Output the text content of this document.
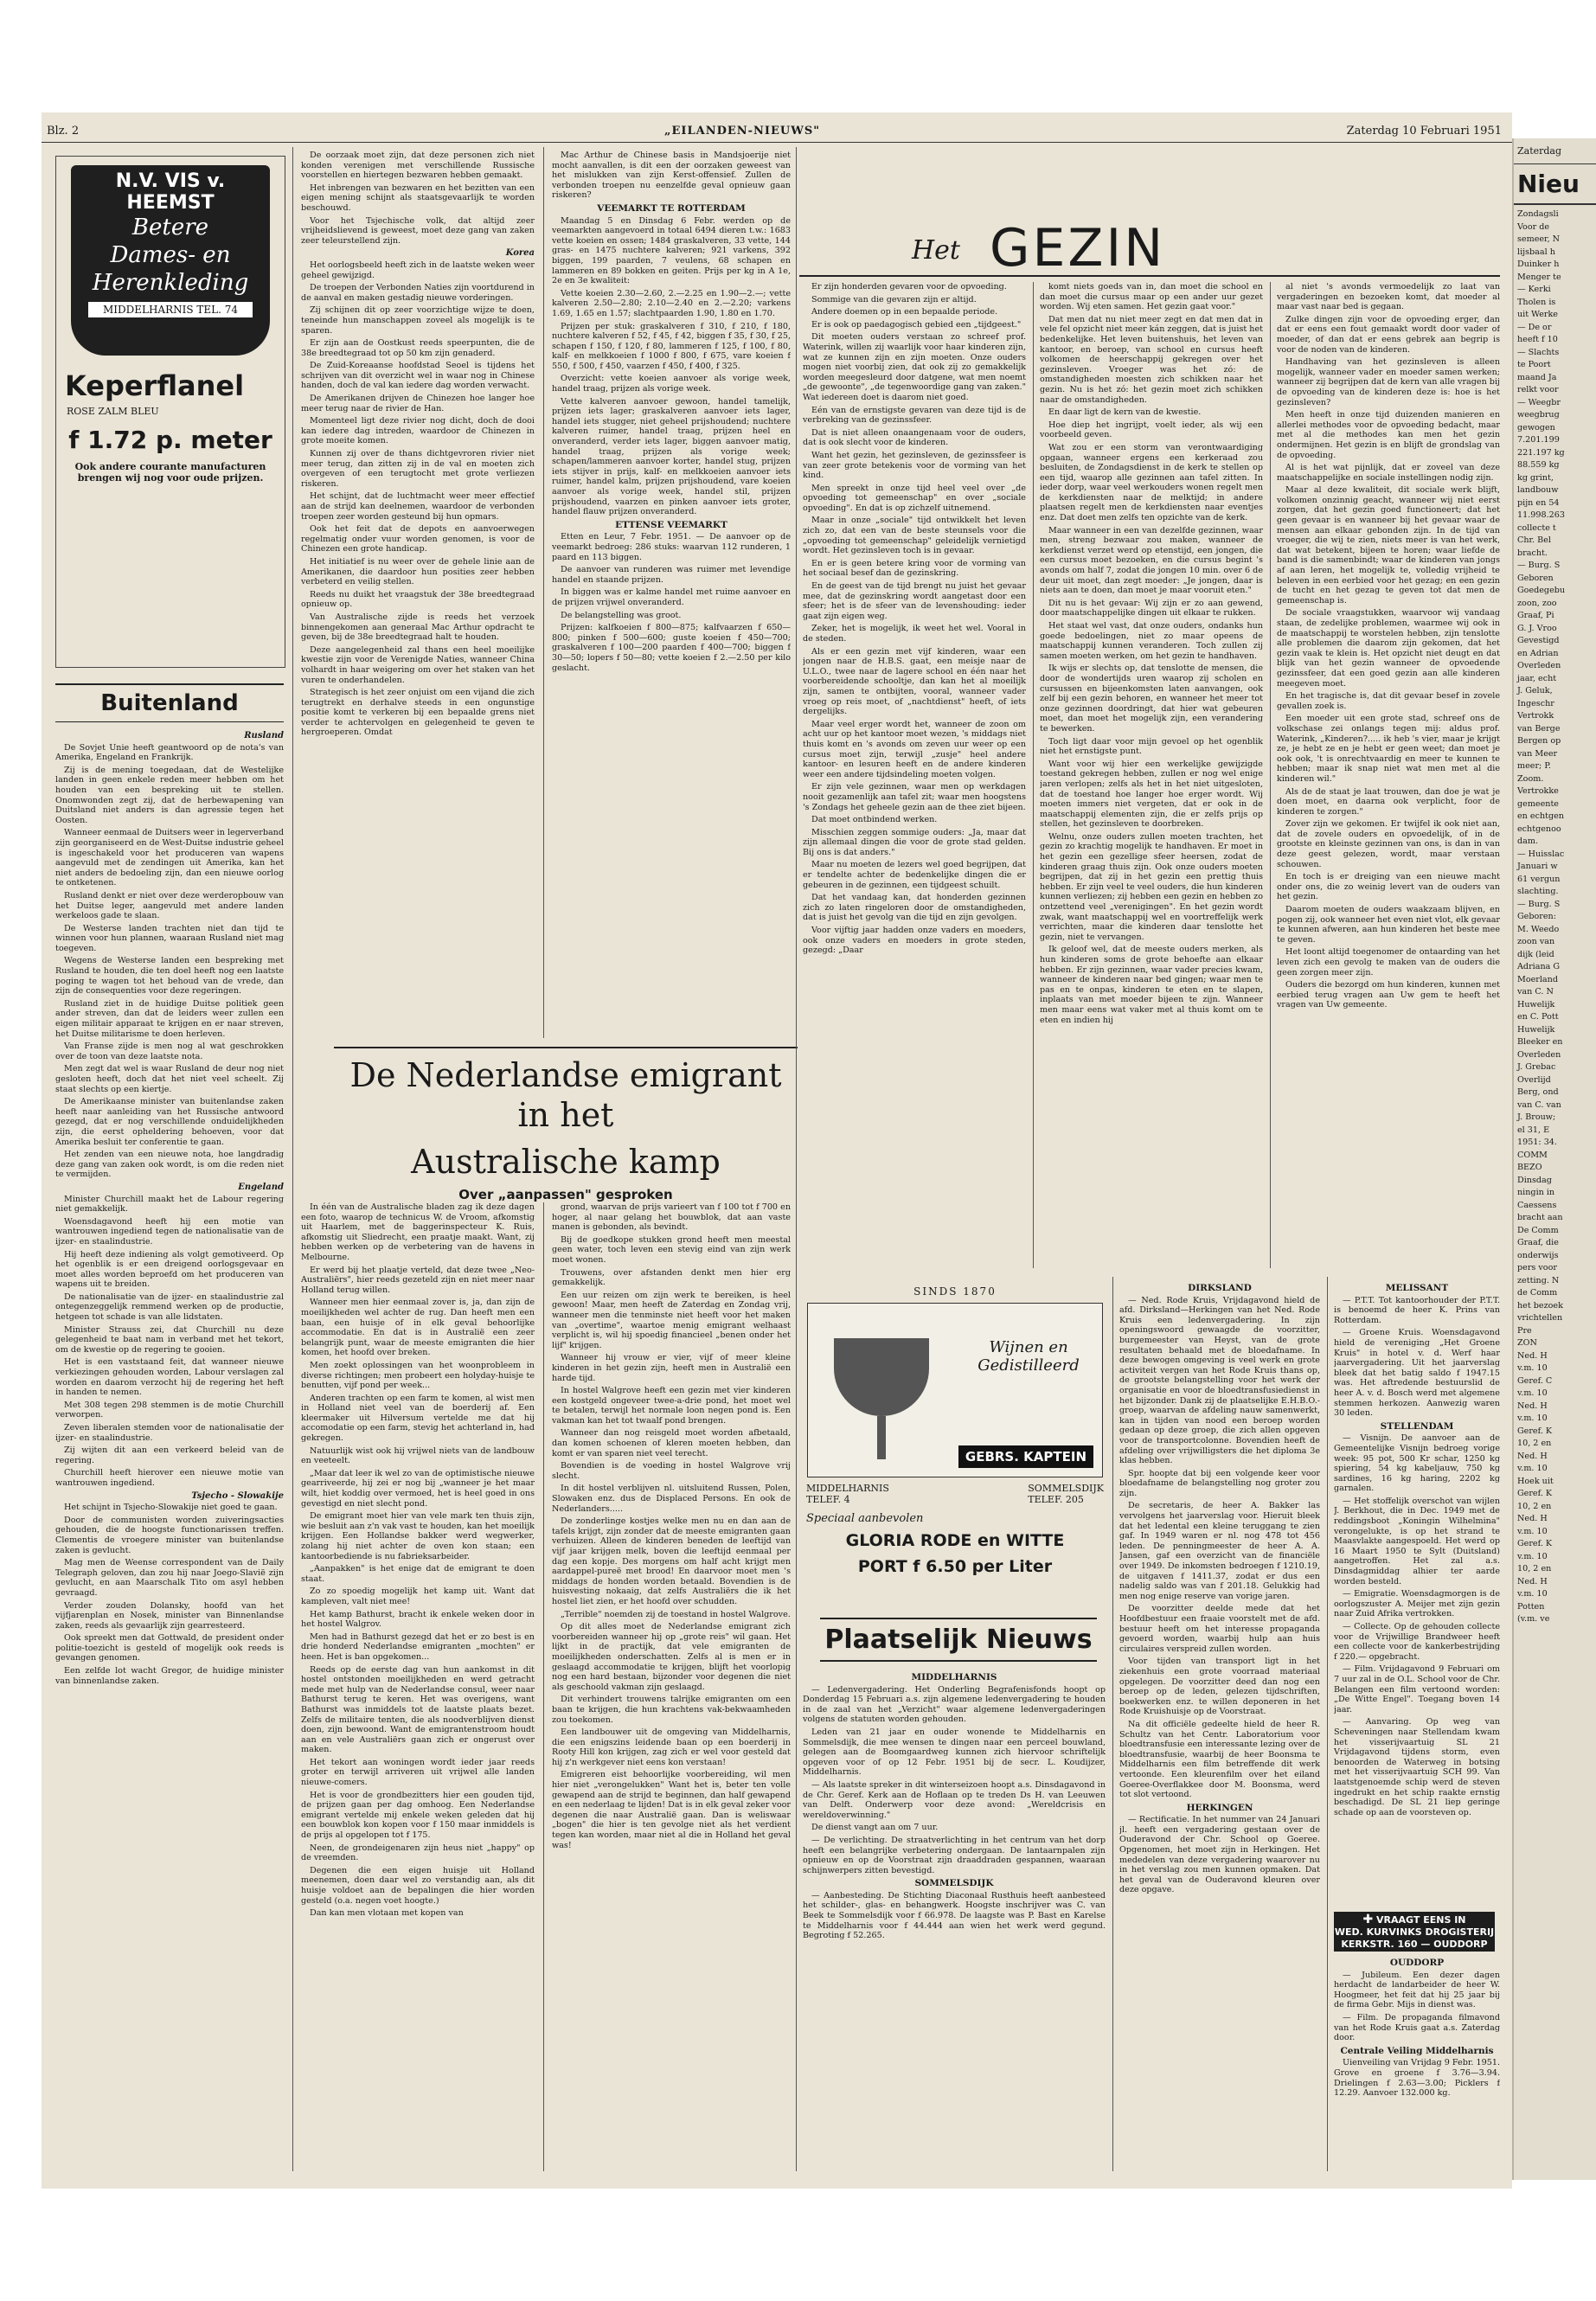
Blz. 2	„EILANDEN-NIEUWS"	Zaterdag 10 Februari 1951
N.V. VIS v. HEEMST
Betere
Dames- en
Herenkleding
MIDDELHARNIS TEL. 74
Keperflanel
ROSE ZALM BLEU
f 1.72 p. meter
Ook andere courante manufacturen brengen wij nog voor oude prijzen.
Buitenland
Rusland

De Sovjet Unie heeft geantwoord op de nota's van Amerika, Engeland en Frankrijk.

Zij is de mening toegedaan, dat de Westelijke landen in geen enkele reden meer hebben om het houden van een bespreking uit te stellen. Onomwonden zegt zij, dat de herbewapening van Duitsland niet anders is dan agressie tegen het Oosten.

Wanneer eenmaal de Duitsers weer in legerverband zijn georganiseerd en de West-Duitse industrie geheel is ingeschakeld voor het produceren van wapens aangevuld met de zendingen uit Amerika, kan het niet anders de bedoeling zijn, dan een nieuwe oorlog te ontketenen.

Rusland denkt er niet over deze werderopbouw van het Duitse leger, aangevuld met andere landen werkeloos gade te slaan.

De Westerse landen trachten niet dan tijd te winnen voor hun plannen, waaraan Rusland niet mag toegeven.

Wegens de Westerse landen een bespreking met Rusland te houden, die ten doel heeft nog een laatste poging te wagen tot het behoud van de vrede, dan zijn de consequenties voor deze regeringen.

Rusland ziet in de huidige Duitse politiek geen ander streven, dan dat de leiders weer zullen een eigen militair apparaat te krijgen en er naar streven, het Duitse militarisme te doen herleven.

Van Franse zijde is men nog al wat geschrokken over de toon van deze laatste nota.

Men zegt dat wel is waar Rusland de deur nog niet gesloten heeft, doch dat het niet veel scheelt. Zij staat slechts op een kiertje.

De Amerikaanse minister van buitenlandse zaken heeft naar aanleiding van het Russische antwoord gezegd, dat er nog verschillende onduidelijkheden zijn, die eerst opheldering behoeven, voor dat Amerika besluit ter conferentie te gaan.

Het zenden van een nieuwe nota, hoe langdradig deze gang van zaken ook wordt, is om die reden niet te vermijden.

Engeland

Minister Churchill maakt het de Labour regering niet gemakkelijk.

Woensdagavond heeft hij een motie van wantrouwen ingediend tegen de nationalisatie van de ijzer- en staalindustrie.

Hij heeft deze indiening als volgt gemotiveerd. Op het ogenblik is er een dreigend oorlogsgevaar en moet alles worden beproefd om het produceren van wapens uit te breiden.

De nationalisatie van de ijzer- en staalindustrie zal ontegenzeggelijk remmend werken op de productie, hetgeen tot schade is van alle lidstaten.

Minister Strauss zei, dat Churchill nu deze gelegenheid te baat nam in verband met het tekort, om de kwestie op de regering te gooien.

Het is een vaststaand feit, dat wanneer nieuwe verkiezingen gehouden worden, Labour verslagen zal worden en daarom verzocht hij de regering het heft in handen te nemen.

Met 308 tegen 298 stemmen is de motie Churchill verworpen.

Zeven liberalen stemden voor de nationalisatie der ijzer- en staalindustrie.

Zij wijten dit aan een verkeerd beleid van de regering.

Churchill heeft hierover een nieuwe motie van wantrouwen ingediend.

Tsjecho - Slowakije

Het schijnt in Tsjecho-Slowakije niet goed te gaan.

Door de communisten worden zuiveringsacties gehouden, die de hoogste functionarissen treffen. Clementis de vroegere minister van buitenlandse zaken is gevlucht.

Mag men de Weense correspondent van de Daily Telegraph geloven, dan zou hij naar Joego-Slavië zijn gevlucht, en aan Maarschalk Tito om asyl hebben gevraagd.

Verder zouden Dolansky, hoofd van het vijfjarenplan en Nosek, minister van Binnenlandse zaken, reeds als gevaarlijk zijn gearresteerd.

Ook spreekt men dat Gottwald, de president onder politie-toezicht is gesteld of mogelijk ook reeds is gevangen genomen.

Een zelfde lot wacht Gregor, de huidige minister van binnenlandse zaken.

De oorzaak moet zijn, dat deze personen zich niet konden verenigen met verschillende Russische voorstellen en hiertegen bezwaren hebben gemaakt.

Het inbrengen van bezwaren en het bezitten van een eigen mening schijnt als staatsgevaarlijk te worden beschouwd.

Voor het Tsjechische volk, dat altijd zeer vrijheidslievend is geweest, moet deze gang van zaken zeer teleurstellend zijn.

Korea

Het oorlogsbeeld heeft zich in de laatste weken weer geheel gewijzigd.

De troepen der Verbonden Naties zijn voortdurend in de aanval en maken gestadig nieuwe vorderingen.

Zij schijnen dit op zeer voorzichtige wijze te doen, teneinde hun manschappen zoveel als mogelijk is te sparen.

Er zijn aan de Oostkust reeds speerpunten, die de 38e breedtegraad tot op 50 km zijn genaderd.

De Zuid-Koreaanse hoofdstad Seoel is tijdens het schrijven van dit overzicht wel in waar nog in Chinese handen, doch de val kan iedere dag worden verwacht.

De Amerikanen drijven de Chinezen hoe langer hoe meer terug naar de rivier de Han.

Momenteel ligt deze rivier nog dicht, doch de dooi kan iedere dag intreden, waardoor de Chinezen in grote moeite komen.

Kunnen zij over de thans dichtgevroren rivier niet meer terug, dan zitten zij in de val en moeten zich overgeven of een terugtocht met grote verliezen riskeren.

Het schijnt, dat de luchtmacht weer meer effectief aan de strijd kan deelnemen, waardoor de verbonden troepen zeer worden gesteund bij hun opmars.

Ook het feit dat de depots en aanvoerwegen regelmatig onder vuur worden genomen, is voor de Chinezen een grote handicap.

Het initiatief is nu weer over de gehele linie aan de Amerikanen, die daardoor hun posities zeer hebben verbeterd en veilig stellen.

Reeds nu duikt het vraagstuk der 38e breedtegraad opnieuw op.

Van Australische zijde is reeds het verzoek binnengekomen aan generaal Mac Arthur opdracht te geven, bij de 38e breedtegraad halt te houden.

Deze aangelegenheid zal thans een heel moeilijke kwestie zijn voor de Verenigde Naties, wanneer China volhardt in haar weigering om over het staken van het vuren te onderhandelen.

Strategisch is het zeer onjuist om een vijand die zich terugtrekt en derhalve steeds in een ongunstige positie komt te verkeren bij een bepaalde grens niet verder te achtervolgen en gelegenheid te geven te hergroeperen. Omdat

Mac Arthur de Chinese basis in Mandsjoerije niet mocht aanvallen, is dit een der oorzaken geweest van het mislukken van zijn Kerst-offensief. Zullen de verbonden troepen nu eenzelfde geval opnieuw gaan riskeren?

VEEMARKT TE ROTTERDAM

Maandag 5 en Dinsdag 6 Febr. werden op de veemarkten aangevoerd in totaal 6494 dieren t.w.: 1683 vette koeien en ossen; 1484 graskalveren, 33 vette, 144 gras- en 1475 nuchtere kalveren; 921 varkens, 392 biggen, 199 paarden, 7 veulens, 68 schapen en lammeren en 89 bokken en geiten. Prijs per kg in A 1e, 2e en 3e kwaliteit:

Vette koeien 2.30—2.60, 2.—2.25 en 1.90—2.—; vette kalveren 2.50—2.80; 2.10—2.40 en 2.—2.20; varkens 1.69, 1.65 en 1.57; slachtpaarden 1.90, 1.80 en 1.70.

Prijzen per stuk: graskalveren f 310, f 210, f 180, nuchtere kalveren f 52, f 45, f 42, biggen f 35, f 30, f 25, schapen f 150, f 120, f 80, lammeren f 125, f 100, f 80, kalf- en melkkoeien f 1000 f 800, f 675, vare koeien f 550, f 500, f 450, vaarzen f 450, f 400, f 325.

Overzicht: vette koeien aanvoer als vorige week, handel traag, prijzen als vorige week.

Vette kalveren aanvoer gewoon, handel tamelijk, prijzen iets lager; graskalveren aanvoer iets lager, handel iets stugger, niet geheel prijshoudend; nuchtere kalveren ruimer, handel traag, prijzen heel en onveranderd, verder iets lager, biggen aanvoer matig, handel traag, prijzen als vorige week; schapen/lammeren aanvoer korter, handel stug, prijzen iets stijver in prijs, kalf- en melkkoeien aanvoer iets ruimer, handel kalm, prijzen prijshoudend, vare koeien aanvoer als vorige week, handel stil, prijzen prijshoudend, vaarzen en pinken aanvoer iets groter, handel flauw prijzen onveranderd.

ETTENSE VEEMARKT

Etten en Leur, 7 Febr. 1951. — De aanvoer op de veemarkt bedroeg: 286 stuks: waarvan 112 runderen, 1 paard en 113 biggen.

De aanvoer van runderen was ruimer met levendige handel en staande prijzen.

In biggen was er kalme handel met ruime aanvoer en de prijzen vrijwel onveranderd.

De belangstelling was groot.

Prijzen: kalfkoeien f 800—875; kalfvaarzen f 650—800; pinken f 500—600; guste koeien f 450—700; graskalveren f 100—200 paarden f 400—700; biggen f 30—50; lopers f 50—80; vette koeien f 2.—2.50 per kilo geslacht.

De Nederlandse emigrant in het
Australische kamp
Over „aanpassen" gesproken

In één van de Australische bladen zag ik deze dagen een foto, waarop de technicus W. de Vroom, afkomstig uit Haarlem, met de baggerinspecteur K. Ruis, afkomstig uit Sliedrecht, een praatje maakt. Want, zij hebben werken op de verbetering van de havens in Melbourne.

Er werd bij het plaatje verteld, dat deze twee „Neo-Australiërs", hier reeds gezeteld zijn en niet meer naar Holland terug willen.

Wanneer men hier eenmaal zover is, ja, dan zijn de moeilijkheden wel achter de rug. Dan heeft men een baan, een huisje of in elk geval behoorlijke accommodatie. En dat is in Australië een zeer belangrijk punt, waar de meeste emigranten die hier komen, het hoofd over breken.

Men zoekt oplossingen van het woonprobleem in diverse richtingen; men probeert een holyday-huisje te benutten, vijf pond per week...

Anderen trachten op een farm te komen, al wist men in Holland niet veel van de boerderij af. Een kleermaker uit Hilversum vertelde me dat hij accomodatie op een farm, stevig het achterland in, had gekregen.

Natuurlijk wist ook hij vrijwel niets van de landbouw en veeteelt.

„Maar dat leer ik wel zo van de optimistische nieuwe gearriveerde, hij zei er nog bij „wanneer je het maar wilt, hiet koddig over vermoed, het is heel goed in ons gevestigd en niet slecht pond.

De emigrant moet hier van vele mark ten thuis zijn, wie besluit aan z'n vak vast te houden, kan het moeilijk krijgen. Een Hollandse bakker werd wegwerker, zolang hij niet achter de oven kon staan; een kantoorbediende is nu fabrieksarbeider.

„Aanpakken" is het enige dat de emigrant te doen staat.

Zo zo spoedig mogelijk het kamp uit. Want dat kampleven, valt niet mee!

Het kamp Bathurst, bracht ik enkele weken door in het hostel Walgrov.

Men had in Bathurst gezegd dat het er zo best is en drie honderd Nederlandse emigranten „mochten" er heen. Het is ban opgekomen...

Reeds op de eerste dag van hun aankomst in dit hostel ontstonden moeilijkheden en werd getracht mede met hulp van de Nederlandse consul, weer naar Bathurst terug te keren. Het was overigens, want Bathurst was inmiddels tot de laatste plaats bezet. Zelfs de militaire tenten, die als noodverblijven dienst doen, zijn bewoond. Want de emigrantenstroom houdt aan en vele Australiërs gaan zich er ongerust over maken.

Het tekort aan woningen wordt ieder jaar reeds groter en terwijl arriveren uit vrijwel alle landen nieuwe-comers.

Het is voor de grondbezitters hier een gouden tijd, de prijzen gaan per dag omhoog. Een Nederlandse emigrant vertelde mij enkele weken geleden dat hij een bouwblok kon kopen voor f 150 maar inmiddels is de prijs al opgelopen tot f 175.

Neen, de grondeigenaren zijn heus niet „happy" op de vreemden.

Degenen die een eigen huisje uit Holland meenemen, doen daar wel zo verstandig aan, als dit huisje voldoet aan de bepalingen die hier worden gesteld (o.a. negen voet hoogte.)

Dan kan men vlotaan met kopen van

grond, waarvan de prijs varieert van f 100 tot f 700 en hoger, al naar gelang het bouwblok, dat aan vaste manen is gebonden, als bevindt.

Bij de goedkope stukken grond heeft men meestal geen water, toch leven een stevig eind van zijn werk moet wonen.

Trouwens, over afstanden denkt men hier erg gemakkelijk.

Een uur reizen om zijn werk te bereiken, is heel gewoon! Maar, men heeft de Zaterdag en Zondag vrij, wanneer men die tenminste niet heeft voor het maken van „overtime", waartoe menig emigrant welhaast verplicht is, wil hij spoedig financieel „benen onder het lijf" krijgen.

Wanneer hij vrouw er vier, vijf of meer kleine kinderen in het gezin zijn, heeft men in Australië een harde tijd.

In hostel Walgrove heeft een gezin met vier kinderen een kostgeld ongeveer twee-a-drie pond, het moet wel te betalen, terwijl het normale loon negen pond is. Een vakman kan het tot twaalf pond brengen.

Wanneer dan nog reisgeld moet worden afbetaald, dan komen schoenen of kleren moeten hebben, dan komt er van sparen niet veel terecht.

Bovendien is de voeding in hostel Walgrove vrij slecht.

In dit hostel verblijven nl. uitsluitend Russen, Polen, Slowaken enz. dus de Displaced Persons. En ook de Nederlanders.....

De zonderlinge kostjes welke men nu en dan aan de tafels krijgt, zijn zonder dat de meeste emigranten gaan verhuizen. Alleen de kinderen beneden de leeftijd van vijf jaar krijgen melk, boven die leeftijd eenmaal per dag een kopje. Des morgens om half acht krijgt men aardappel-pureë met brood! En daarvoor moet men 's middags de honden worden betaald. Bovendien is de huisvesting nokaaig, dat zelfs Australiërs die ik het hostel liet zien, er het hoofd over schudden.

„Terrible" noemden zij de toestand in hostel Walgrove.

Op dit alles moet de Nederlandse emigrant zich voorbereiden wanneer hij op „grote reis" wil gaan. Het lijkt in de practijk, dat vele emigranten de moeilijkheden onderschatten. Zelfs al is men er in geslaagd accommodatie te krijgen, blijft het voorlopig nog een hard bestaan, bijzonder voor degenen die niet als geschoold vakman zijn geslaagd.

Dit verhindert trouwens talrijke emigranten om een baan te krijgen, die hun krachtens vak-bekwaamheden zou toekomen.

Een landbouwer uit de omgeving van Middelharnis, die een enigszins leidende baan op een boerderij in Rooty Hill kon krijgen, zag zich er wel voor gesteld dat hij z'n werkgever niet eens kon verstaan!

Emigreren eist behoorlijke voorbereiding, wil men hier niet „verongelukken" Want het is, beter ten volle gewapend aan de strijd te beginnen, dan half gewapend en een nederlaag te lijden! Dat is in elk geval zeker voor degenen die naar Australië gaan. Dan is weliswaar „bogen" die hier is ten gevolge niet als het verdient tegen kan worden, maar niet al die in Holland het geval was!

Het GEZIN

Er zijn honderden gevaren voor de opvoeding.

Sommige van die gevaren zijn er altijd.

Andere doemen op in een bepaalde periode.

Er is ook op paedagogisch gebied een „tijdgeest."

Dit moeten ouders verstaan zo schreef prof. Waterink, willen zij waarlijk voor haar kinderen zijn, wat ze kunnen zijn en zijn moeten. Onze ouders mogen niet voorbij zien, dat ook zij zo gemakkelijk worden meegesleurd door datgene, wat men noemt „de gewoonte", „de tegenwoordige gang van zaken." Wat iedereen doet is daarom niet goed.

Eén van de ernstigste gevaren van deze tijd is de verbreking van de gezinssfeer.

Dat is niet alleen onaangenaam voor de ouders, dat is ook slecht voor de kinderen.

Want het gezin, het gezinsleven, de gezinssfeer is van zeer grote betekenis voor de vorming van het kind.

Men spreekt in onze tijd heel veel over „de opvoeding tot gemeenschap" en over „sociale opvoeding". En dat is op zichzelf uitnemend.

Maar in onze „sociale" tijd ontwikkelt het leven zich zo, dat een van de beste steunsels voor die „opvoeding tot gemeenschap" geleidelijk vernietigd wordt. Het gezinsleven toch is in gevaar.

En er is geen betere kring voor de vorming van het sociaal besef dan de gezinskring.

En de geest van de tijd brengt nu juist het gevaar mee, dat de gezinskring wordt aangetast door een sfeer; het is de sfeer van de levenshouding: ieder gaat zijn eigen weg.

Zeker, het is mogelijk, ik weet het wel. Vooral in de steden.

Als er een gezin met vijf kinderen, waar een jongen naar de H.B.S. gaat, een meisje naar de U.L.O., twee naar de lagere school en één naar het voorbereidende schooltje, dan kan het al moeilijk zijn, samen te ontbijten, vooral, wanneer vader vroeg op reis moet, of „nachtdienst" heeft, of iets dergelijks.

Maar veel erger wordt het, wanneer de zoon om acht uur op het kantoor moet wezen, 's middags niet thuis komt en 's avonds om zeven uur weer op een cursus moet zijn, terwijl „zusje" heel andere kantoor- en lesuren heeft en de andere kinderen weer een andere tijdsindeling moeten volgen.

Er zijn vele gezinnen, waar men op werkdagen nooit gezamenlijk aan tafel zit; waar men hoogstens 's Zondags het geheele gezin aan de thee ziet bijeen.

Dat moet ontbindend werken.

Misschien zeggen sommige ouders: „Ja, maar dat zijn allemaal dingen die voor de grote stad gelden. Bij ons is dat anders."

Maar nu moeten de lezers wel goed begrijpen, dat er tendelte achter de bedenkelijke dingen die er gebeuren in de gezinnen, een tijdgeest schuilt.

Dat het vandaag kan, dat honderden gezinnen zich zo laten ringeloren door de omstandigheden, dat is juist het gevolg van die tijd en zijn gevolgen.

Voor vijftig jaar hadden onze vaders en moeders, ook onze vaders en moeders in grote steden, gezegd: „Daar

komt niets goeds van in, dan moet die school en dan moet die cursus maar op een ander uur gezet worden. Wij eten samen. Het gezin gaat voor."

Dat men dat nu niet meer zegt en dat men dat in vele fel opzicht niet meer kán zeggen, dat is juist het bedenkelijke. Het leven buitenshuis, het leven van kantoor, en beroep, van school en cursus heeft volkomen de heerschappij gekregen over het gezinsleven. Vroeger was het zó: de omstandigheden moesten zich schikken naar het gezin. Nu is het zó: het gezin moet zich schikken naar de omstandigheden.

En daar ligt de kern van de kwestie.

Hoe diep het ingrijpt, voelt ieder, als wij een voorbeeld geven.

Wat zou er een storm van verontwaardiging opgaan, wanneer ergens een kerkeraad zou besluiten, de Zondagsdienst in de kerk te stellen op een tijd, waarop alle gezinnen aan tafel zitten. In ieder dorp, waar veel werkouders wonen regelt men de kerkdiensten naar de melktijd; in andere plaatsen regelt men de kerkdiensten naar eventjes enz. Dat doet men zelfs ten opzichte van de kerk.

Maar wanneer in een van dezelfde gezinnen, waar men, streng bezwaar zou maken, wanneer de kerkdienst verzet werd op etenstijd, een jongen, die een cursus moet bezoeken, en die cursus begint 's avonds om half 7, zodat die jongen 10 min. over 6 de deur uit moet, dan zegt moeder: „Je jongen, daar is niets aan te doen, dan moet je maar vooruit eten."

Dit nu is het gevaar: Wij zijn er zo aan gewend, door maatschappelijke dingen uit elkaar te rukken.

Het staat wel vast, dat onze ouders, ondanks hun goede bedoelingen, niet zo maar opeens de maatschappij kunnen veranderen. Toch zullen zij samen moeten werken, om het gezin te handhaven.

Ik wijs er slechts op, dat tenslotte de mensen, die door de wondertijds uren waarop zij scholen en cursussen en bijeenkomsten laten aanvangen, ook zelf bij een gezin behoren, en wanneer het meer tot onze gezinnen doordringt, dat hier wat gebeuren moet, dan moet het mogelijk zijn, een verandering te bewerken.

Toch ligt daar voor mijn gevoel op het ogenblik niet het ernstigste punt.

Want voor wij hier een werkelijke gewijzigde toestand gekregen hebben, zullen er nog wel enige jaren verlopen; zelfs als het in het niet uitgesloten, dat de toestand hoe langer hoe erger wordt. Wij moeten immers niet vergeten, dat er ook in de maatschappij elementen zijn, die er zelfs prijs op stellen, het gezinsleven te doorbreken.

Welnu, onze ouders zullen moeten trachten, het gezin zo krachtig mogelijk te handhaven. Er moet in het gezin een gezellige sfeer heersen, zodat de kinderen graag thuis zijn. Ook onze ouders moeten begrijpen, dat zij in het gezin een prettig thuis hebben. Er zijn veel te veel ouders, die hun kinderen kunnen verliezen; zij hebben een gezin en hebben zo ontzettend veel „verenigingen". En het gezin wordt zwak, want maatschappij wel en voortreffelijk werk verrichten, maar die kinderen daar tenslotte het gezin, niet te vervangen.

Ik geloof wel, dat de meeste ouders merken, als hun kinderen soms de grote behoefte aan elkaar hebben. Er zijn gezinnen, waar vader precies kwam, wanneer de kinderen naar bed gingen; waar men te pas en te onpas, kinderen te eten en te slapen, inplaats van met moeder bijeen te zijn. Wanneer men maar eens wat vaker met al thuis komt om te eten en indien hij

al niet 's avonds vermoedelijk zo laat van vergaderingen en bezoeken komt, dat moeder al maar vast naar bed is gegaan.

Zulke dingen zijn voor de opvoeding erger, dan dat er eens een fout gemaakt wordt door vader of moeder, of dan dat er eens gebrek aan begrip is voor de noden van de kinderen.

Handhaving van het gezinsleven is alleen mogelijk, wanneer vader en moeder samen werken; wanneer zij begrijpen dat de kern van alle vragen bij de opvoeding van de kinderen deze is: hoe is het gezinsleven?

Men heeft in onze tijd duizenden manieren en allerlei methodes voor de opvoeding bedacht, maar met al die methodes kan men het gezin ondermijnen. Het gezin is en blijft de grondslag van de opvoeding.

Al is het wat pijnlijk, dat er zoveel van deze maatschappelijke en sociale instellingen nodig zijn.

Maar al deze kwaliteit, dit sociale werk blijft, volkomen onzinnig geacht, wanneer wij niet eerst zorgen, dat het gezin goed functioneert; dat het geen gevaar is en wanneer bij het gevaar waar de mensen aan elkaar gebonden zijn. In de tijd van vroeger, die wij te zien, niets meer is van het werk, dat wat betekent, bijeen te horen; waar liefde de band is die samenbindt; waar de kinderen van jongs af aan leren, het mogelijk te, volledig vrijheid te beleven in een eerbied voor het gezag; en een gezin de tucht en het gezag te geven tot dat men de gemeenschap is.

De sociale vraagstukken, waarvoor wij vandaag staan, de zedelijke problemen, waarmee wij ook in de maatschappij te worstelen hebben, zijn tenslotte alle problemen die daarom zijn gekomen, dat het gezin vaak te klein is. Het opzicht niet deugt en dat blijk van het gezin wanneer de opvoedende gezinssfeer, dat een goed gezin aan alle kinderen meegeven moet.

En het tragische is, dat dit gevaar besef in zovele gevallen zoek is.

Een moeder uit een grote stad, schreef ons de volkschase zei onlangs tegen mij: aldus prof. Waterink, „Kinderen?..... ik heb 's vier, maar je krijgt ze, je hebt ze en je hebt er geen weet; dan moet je ook ook, 't is onrechtvaardig en meer te kunnen te hebben; maar ik snap niet wat men met al die kinderen wil."

Als de de staat je laat trouwen, dan doe je wat je doen moet, en daarna ook verplicht, foor de kinderen te zorgen."

Zover zijn we gekomen. Er twijfel ik ook niet aan, dat de zovele ouders en opvoedelijk, of in de grootste en kleinste gezinnen van ons, is dan in van deze geest gelezen, wordt, maar verstaan schouwen.

En toch is er dreiging van een nieuwe macht onder ons, die zo weinig levert van de ouders van het gezin.

Daarom moeten de ouders waakzaam blijven, en pogen zij, ook wanneer het even niet vlot, elk gevaar te kunnen afweren, aan hun kinderen het beste mee te geven.

Het loont altijd toegenomer de ontaarding van het leven zich een gevolg te maken van de ouders die geen zorgen meer zijn.

Ouders die bezorgd om hun kinderen, kunnen met eerbied terug vragen aan Uw gem te heeft het vragen van Uw gemeente.

SINDS 1870
Wijnen en
Gedistilleerd
GEBRS. KAPTEIN
MIDDELHARNIS
TELEF. 4
SOMMELSDIJK
TELEF. 205
Speciaal aanbevolen
GLORIA RODE en WITTE
PORT f 6.50 per Liter
Plaatselijk Nieuws
MIDDELHARNIS

— Ledenvergadering. Het Onderling Begrafenisfonds hoopt op Donderdag 15 Februari a.s. zijn algemene ledenvergadering te houden in de zaal van het „Verzicht" waar algemene ledenvergaderingen volgens de statuten worden gehouden.

Leden van 21 jaar en ouder wonende te Middelharnis en Sommelsdijk, die mee wensen te dingen naar een perceel bouwland, gelegen aan de Boomgaardweg kunnen zich hiervoor schriftelijk opgeven voor of op 12 Febr. 1951 bij de secr. L. Koudijzer, Middelharnis.

— Als laatste spreker in dit winterseizoen hoopt a.s. Dinsdagavond in de Chr. Geref. Kerk aan de Hoflaan op te treden Ds H. van Leeuwen van Delft. Onderwerp voor deze avond: „Wereldcrisis en wereldoverwinning."

De dienst vangt aan om 7 uur.

— De verlichting. De straatverlichting in het centrum van het dorp heeft een belangrijke verbetering ondergaan. De lantaarnpalen zijn opnieuw en op de Voorstraat zijn draaddraden gespannen, waaraan schijnwerpers zitten bevestigd.

SOMMELSDIJK

— Aanbesteding. De Stichting Diaconaal Rusthuis heeft aanbesteed het schilder-, glas- en behangwerk. Hoogste inschrijver was C. van Beek te Sommelsdijk voor f 66.978. De laagste was P. Bast en Karelse te Middelharnis voor f 44.444 aan wien het werk werd gegund. Begroting f 52.265.

DIRKSLAND

— Ned. Rode Kruis, Vrijdagavond hield de afd. Dirksland—Herkingen van het Ned. Rode Kruis een ledenvergadering. In zijn openingswoord gewaagde de voorzitter, burgemeester van Heyst, van de grote resultaten behaald met de bloedafname. In deze bewogen omgeving is veel werk en grote activiteit vergen van het Rode Kruis thans op, de grootste belangstelling voor het werk der organisatie en voor de bloedtransfusiedienst in het bijzonder. Dank zij de plaatselijke E.H.B.O.-groep, waarvan de afdeling nauw samenwerkt, kan in tijden van nood een beroep worden gedaan op deze groep, die zich allen opgeven voor de transportcolonne. Bovendien heeft de afdeling over vrijwilligsters die het diploma 3e klas hebben.

Spr. hoopte dat bij een volgende keer voor bloedafname de belangstelling nog groter zou zijn.

De secretaris, de heer A. Bakker las vervolgens het jaarverslag voor. Hieruit bleek dat het ledental een kleine teruggang te zien gaf. In 1949 waren er nl. nog 478 tot 456 leden. De penningmeester de heer A. A. Jansen, gaf een overzicht van de financiële over 1949. De inkomsten bedroegen f 1210.19, de uitgaven f 1411.37, zodat er dus een nadelig saldo was van f 201.18. Gelukkig had men nog enige reserve van vorige jaren.

De voorzitter deelde mede dat het Hoofdbestuur een fraaie voorstelt met de afd. bestuur heeft om het interesse propaganda gevoerd worden, waarbij hulp aan huis circulaires verspreid zullen worden.

Voor tijden van transport ligt in het ziekenhuis een grote voorraad materiaal opgelegen. De voorzitter deed dan nog een beroep op de leden, gelezen tijdschriften, boekwerken enz. te willen deponeren in het Rode Kruishuisje op de Voorstraat.

Na dit officiële gedeelte hield de heer R. Schultz van het Centr. Laboratorium voor bloedtransfusie een interessante lezing over de bloedtransfusie, waarbij de heer Boonsma te Middelharnis een film betreffende dit werk vertoonde. Een kleurenfilm over het eiland Goeree-Overflakkee door M. Boonsma, werd tot slot vertoond.

HERKINGEN

— Rectificatie. In het nummer van 24 Januari jl. heeft een vergadering gestaan over de Ouderavond der Chr. School op Goeree. Opgenomen, het moet zijn in Herkingen. Het mededelen van deze vergadering waarover nu in het verslag zou men kunnen opmaken. Dat het geval van de Ouderavond kleuren over deze opgave.

MELISSANT

— P.T.T. Tot kantoorhouder der P.T.T. is benoemd de heer K. Prins van Rotterdam.

— Groene Kruis. Woensdagavond hield de vereniging „Het Groene Kruis" in hotel v. d. Werf haar jaarvergadering. Uit het jaarverslag bleek dat het batig saldo f 1947.15 was. Het aftredende bestuurslid de heer A. v. d. Bosch werd met algemene stemmen herkozen. Aanwezig waren 30 leden.

STELLENDAM

— Visnijn. De aanvoer aan de Gemeentelijke Visnijn bedroeg vorige week: 95 pot, 500 Kr schar, 1250 kg spiering, 54 kg kabeljauw, 750 kg sardines, 16 kg haring, 2202 kg garnalen.

— Het stoffelijk overschot van wijlen J. Berkhout, die in Dec. 1949 met de reddingsboot „Koningin Wilhelmina" verongelukte, is op het strand te Maasvlakte aangespoeld. Het werd op 16 Maart 1950 te Sylt (Duitsland) aangetroffen. Het zal a.s. Dinsdagmiddag alhier ter aarde worden besteld.

— Emigratie. Woensdagmorgen is de oorlogszuster A. Meijer met zijn gezin naar Zuid Afrika vertrokken.

— Collecte. Op de gehouden collecte voor de Vrijwillige Brandweer heeft een collecte voor de kankerbestrijding f 220.— opgebracht.

— Film. Vrijdagavond 9 Februari om 7 uur zal in de O.L. School voor de Chr. Belangen een film vertoond worden: „De Witte Engel". Toegang boven 14 jaar.

— Aanvaring. Op weg van Scheveningen naar Stellendam kwam het visserijvaartuig SL 21 Vrijdagavond tijdens storm, even benoorden de Waterweg in botsing met het visserijvaartuig SCH 99. Van laatstgenoemde schip werd de steven ingedrukt en het schip raakte ernstig beschadigd. De SL 21 liep geringe schade op aan de voorsteven op.

✚ VRAAGT EENS IN
WED. KURVINKS DROGISTERIJ
KERKSTR. 160 — OUDDORP
OUDDORP

— Jubileum. Een dezer dagen herdacht de landarbeider de heer W. Hoogmeer, het feit dat hij 25 jaar bij de firma Gebr. Mijs in dienst was.

— Film. De propaganda filmavond van het Rode Kruis gaat a.s. Zaterdag door.

Centrale Veiling Middelharnis

Uienveiling van Vrijdag 9 Febr. 1951. Grove en groene f 3.76—3.94. Drielingen f 2.63—3.00; Picklers f 12.29. Aanvoer 132.000 kg.

Zaterdag
Nieu
Zondagsli
Voor de
semeer, N
lijsbaal h
Duinker h
Menger te
— Kerki
Tholen is
uit Werke
— De or
heeft f 10
— Slachts
te Poort
maand Ja
relkt voor
— Weegbr
weegbrug
gewogen
7.201.199
221.197 kg
88.559 kg
kg grint,
landbouw
pijn en 54
11.998.263
collecte t
Chr. Bel
bracht.
— Burg. S
Geboren
Goedegebu
zoon, zoo
Graaf, Pi
G. J. Vroo
Gevestigd
en Adrian
Overleden
jaar, echt
J. Geluk,
Ingeschr
Vertrokk
van Berge
Bergen op
van Meer
meer; P.
Zoom.
Vertrokke
gemeente
en echtgen
echtgenoo
dam.
— Huisslac
Januari w
61 vergun
slachting.
— Burg. S
Geboren:
M. Weedo
zoon van
dijk (leid
Adriana G
Moerland
van C. N
Huwelijk
en C. Pott
Huwelijk
Bleeker en
Overleden
J. Grebac
Overlijd
Berg, ond
van C. van
J. Brouw;
el 31, E
1951: 34.
COMM
BEZO
Dinsdag
ningin in
Caessens
bracht aan
De Comm
Graaf, die
onderwijs
pers voor
zetting. N
de Comm
het bezoek
vrichtellen
Pre
ZON
Ned. H
v.m. 10
Geref. C
v.m. 10
Ned. H
v.m. 10
Geref. K
10, 2 en
Ned. H
v.m. 10
Hoek uit
Geref. K
10, 2 en
Ned. H
v.m. 10
Geref. K
v.m. 10
10, 2 en
Ned. H
v.m. 10
Potten
(v.m. ve
